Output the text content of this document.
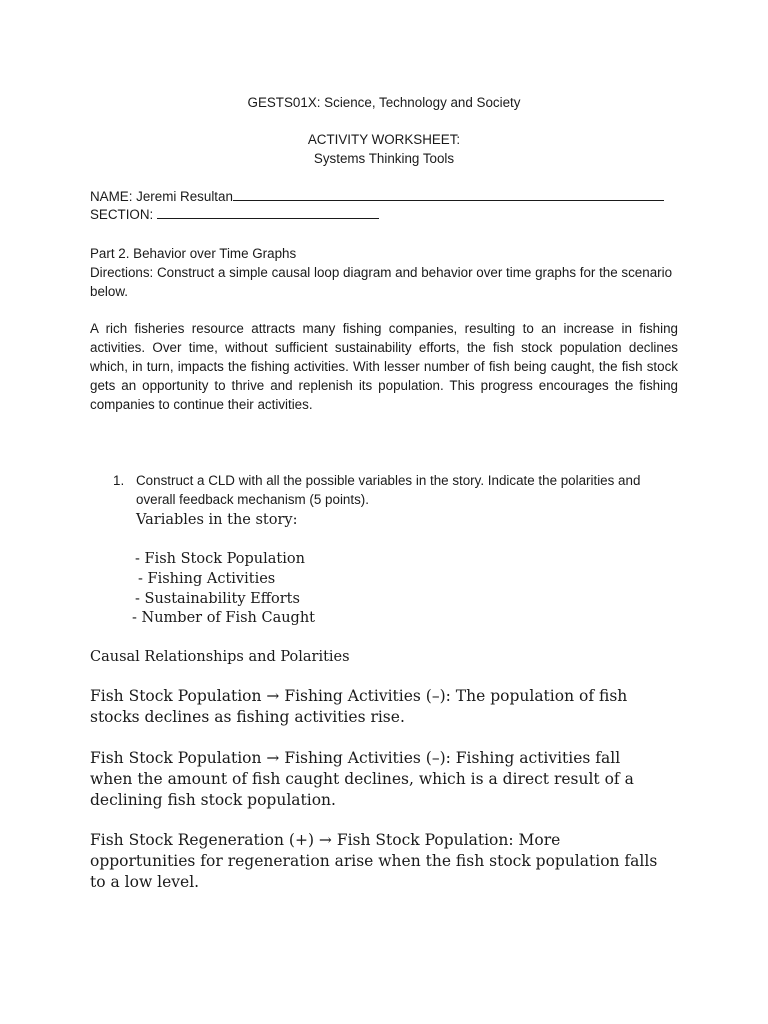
GESTS01X: Science, Technology and Society
ACTIVITY WORKSHEET:
Systems Thinking Tools
NAME: Jeremi Resultan
SECTION:
Part 2. Behavior over Time Graphs
Directions: Construct a simple causal loop diagram and behavior over time graphs for the scenario below.
A rich fisheries resource attracts many fishing companies, resulting to an increase in fishing activities. Over time, without sufficient sustainability efforts, the fish stock population declines which, in turn, impacts the fishing activities. With lesser number of fish being caught, the fish stock gets an opportunity to thrive and replenish its population. This progress encourages the fishing companies to continue their activities.
1. Construct a CLD with all the possible variables in the story. Indicate the polarities and overall feedback mechanism (5 points).
Variables in the story:
- Fish Stock Population
- Fishing Activities
- Sustainability Efforts
- Number of Fish Caught
Causal Relationships and Polarities
Fish Stock Population → Fishing Activities (–): The population of fish stocks declines as fishing activities rise.
Fish Stock Population → Fishing Activities (–): Fishing activities fall when the amount of fish caught declines, which is a direct result of a declining fish stock population.
Fish Stock Regeneration (+) → Fish Stock Population: More opportunities for regeneration arise when the fish stock population falls to a low level.
